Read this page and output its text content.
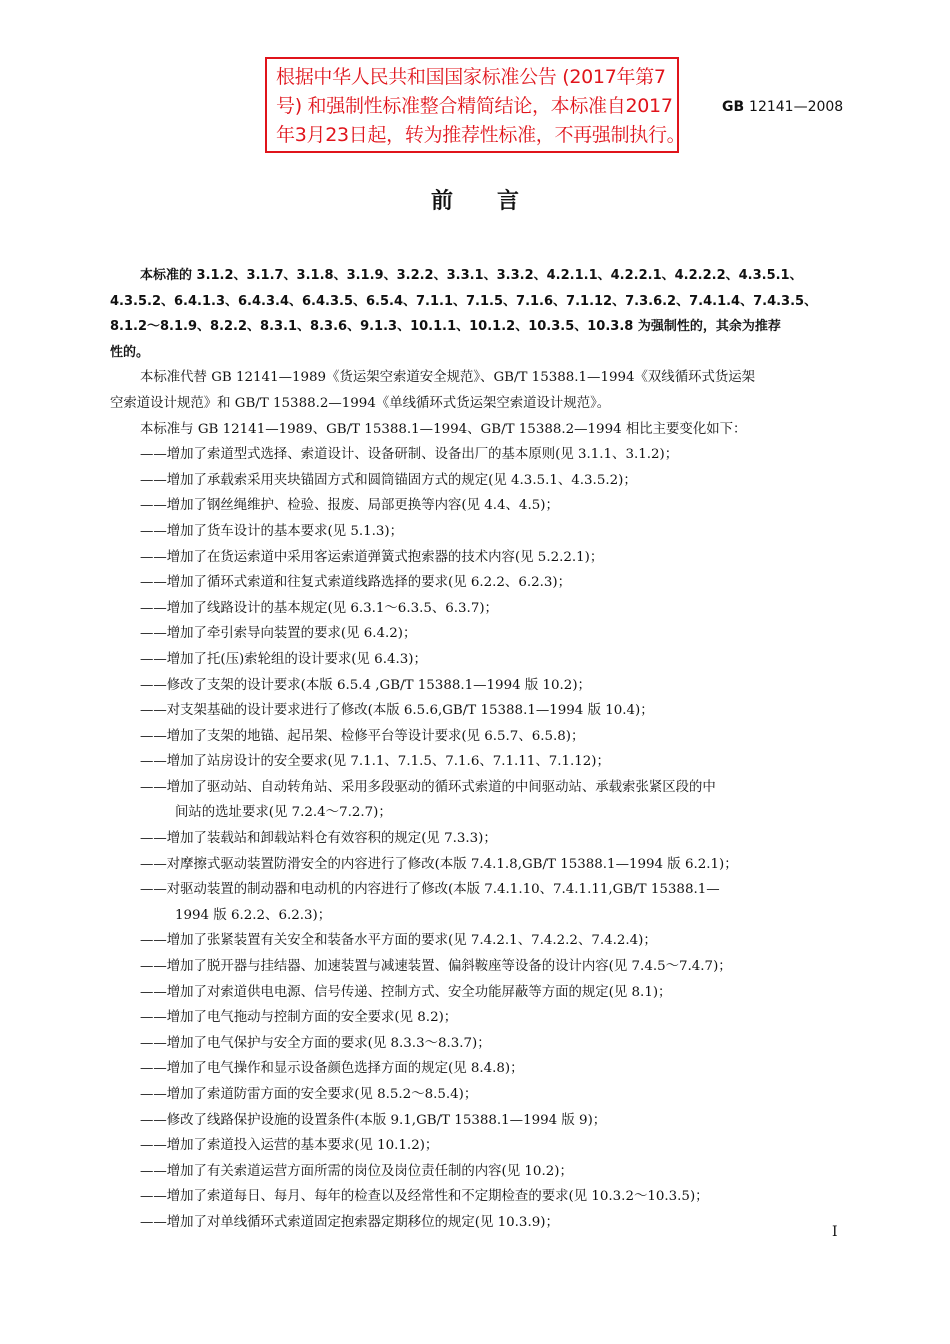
根据中华人民共和国国家标准公告 (2017年第7
号) 和强制性标准整合精简结论，本标准自2017
年3月23日起，转为推荐性标准，不再强制执行。
GB 12141—2008
前言
本标准的 3.1.2、3.1.7、3.1.8、3.1.9、3.2.2、3.3.1、3.3.2、4.2.1.1、4.2.2.1、4.2.2.2、4.3.5.1、
4.3.5.2、6.4.1.3、6.4.3.4、6.4.3.5、6.5.4、7.1.1、7.1.5、7.1.6、7.1.12、7.3.6.2、7.4.1.4、7.4.3.5、
8.1.2～8.1.9、8.2.2、8.3.1、8.3.6、9.1.3、10.1.1、10.1.2、10.3.5、10.3.8 为强制性的，其余为推荐
性的。
本标准代替 GB 12141—1989《货运架空索道安全规范》、GB/T 15388.1—1994《双线循环式货运架
空索道设计规范》和 GB/T 15388.2—1994《单线循环式货运架空索道设计规范》。
本标准与 GB 12141—1989、GB/T 15388.1—1994、GB/T 15388.2—1994 相比主要变化如下：
——增加了索道型式选择、索道设计、设备研制、设备出厂的基本原则(见 3.1.1、3.1.2)；
——增加了承载索采用夹块锚固方式和圆筒锚固方式的规定(见 4.3.5.1、4.3.5.2)；
——增加了钢丝绳维护、检验、报废、局部更换等内容(见 4.4、4.5)；
——增加了货车设计的基本要求(见 5.1.3)；
——增加了在货运索道中采用客运索道弹簧式抱索器的技术内容(见 5.2.2.1)；
——增加了循环式索道和往复式索道线路选择的要求(见 6.2.2、6.2.3)；
——增加了线路设计的基本规定(见 6.3.1～6.3.5、6.3.7)；
——增加了牵引索导向装置的要求(见 6.4.2)；
——增加了托(压)索轮组的设计要求(见 6.4.3)；
——修改了支架的设计要求(本版 6.5.4 ,GB/T 15388.1—1994 版 10.2)；
——对支架基础的设计要求进行了修改(本版 6.5.6,GB/T 15388.1—1994 版 10.4)；
——增加了支架的地锚、起吊架、检修平台等设计要求(见 6.5.7、6.5.8)；
——增加了站房设计的安全要求(见 7.1.1、7.1.5、7.1.6、7.1.11、7.1.12)；
——增加了驱动站、自动转角站、采用多段驱动的循环式索道的中间驱动站、承载索张紧区段的中
间站的选址要求(见 7.2.4～7.2.7)；
——增加了装载站和卸载站料仓有效容积的规定(见 7.3.3)；
——对摩擦式驱动装置防滑安全的内容进行了修改(本版 7.4.1.8,GB/T 15388.1—1994 版 6.2.1)；
——对驱动装置的制动器和电动机的内容进行了修改(本版 7.4.1.10、7.4.1.11,GB/T 15388.1—
1994 版 6.2.2、6.2.3)；
——增加了张紧装置有关安全和装备水平方面的要求(见 7.4.2.1、7.4.2.2、7.4.2.4)；
——增加了脱开器与挂结器、加速装置与减速装置、偏斜鞍座等设备的设计内容(见 7.4.5～7.4.7)；
——增加了对索道供电电源、信号传递、控制方式、安全功能屏蔽等方面的规定(见 8.1)；
——增加了电气拖动与控制方面的安全要求(见 8.2)；
——增加了电气保护与安全方面的要求(见 8.3.3～8.3.7)；
——增加了电气操作和显示设备颜色选择方面的规定(见 8.4.8)；
——增加了索道防雷方面的安全要求(见 8.5.2～8.5.4)；
——修改了线路保护设施的设置条件(本版 9.1,GB/T 15388.1—1994 版 9)；
——增加了索道投入运营的基本要求(见 10.1.2)；
——增加了有关索道运营方面所需的岗位及岗位责任制的内容(见 10.2)；
——增加了索道每日、每月、每年的检查以及经常性和不定期检查的要求(见 10.3.2～10.3.5)；
——增加了对单线循环式索道固定抱索器定期移位的规定(见 10.3.9)；
I
